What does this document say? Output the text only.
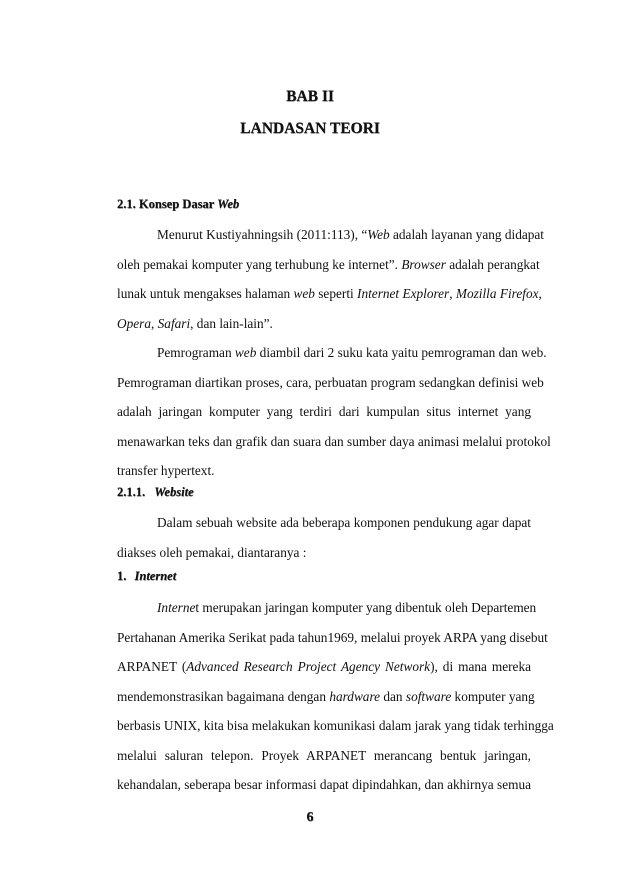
BAB II
LANDASAN TEORI
2.1. Konsep Dasar Web
Menurut Kustiyahningsih (2011:113), “Web adalah layanan yang didapat
oleh pemakai komputer yang terhubung ke internet”. Browser adalah perangkat
lunak untuk mengakses halaman web seperti Internet Explorer, Mozilla Firefox,
Opera, Safari, dan lain-lain”.
Pemrograman web diambil dari 2 suku kata yaitu pemrograman dan web.
Pemrograman diartikan proses, cara, perbuatan program sedangkan definisi web
adalah jaringan komputer yang terdiri dari kumpulan situs internet yang
menawarkan teks dan grafik dan suara dan sumber daya animasi melalui protokol
transfer hypertext.
2.1.1. Website
Dalam sebuah website ada beberapa komponen pendukung agar dapat
diakses oleh pemakai, diantaranya :
1. Internet
Internet merupakan jaringan komputer yang dibentuk oleh Departemen
Pertahanan Amerika Serikat pada tahun1969, melalui proyek ARPA yang disebut
ARPANET (Advanced Research Project Agency Network), di mana mereka
mendemonstrasikan bagaimana dengan hardware dan software komputer yang
berbasis UNIX, kita bisa melakukan komunikasi dalam jarak yang tidak terhingga
melalui saluran telepon. Proyek ARPANET merancang bentuk jaringan,
kehandalan, seberapa besar informasi dapat dipindahkan, dan akhirnya semua
6
